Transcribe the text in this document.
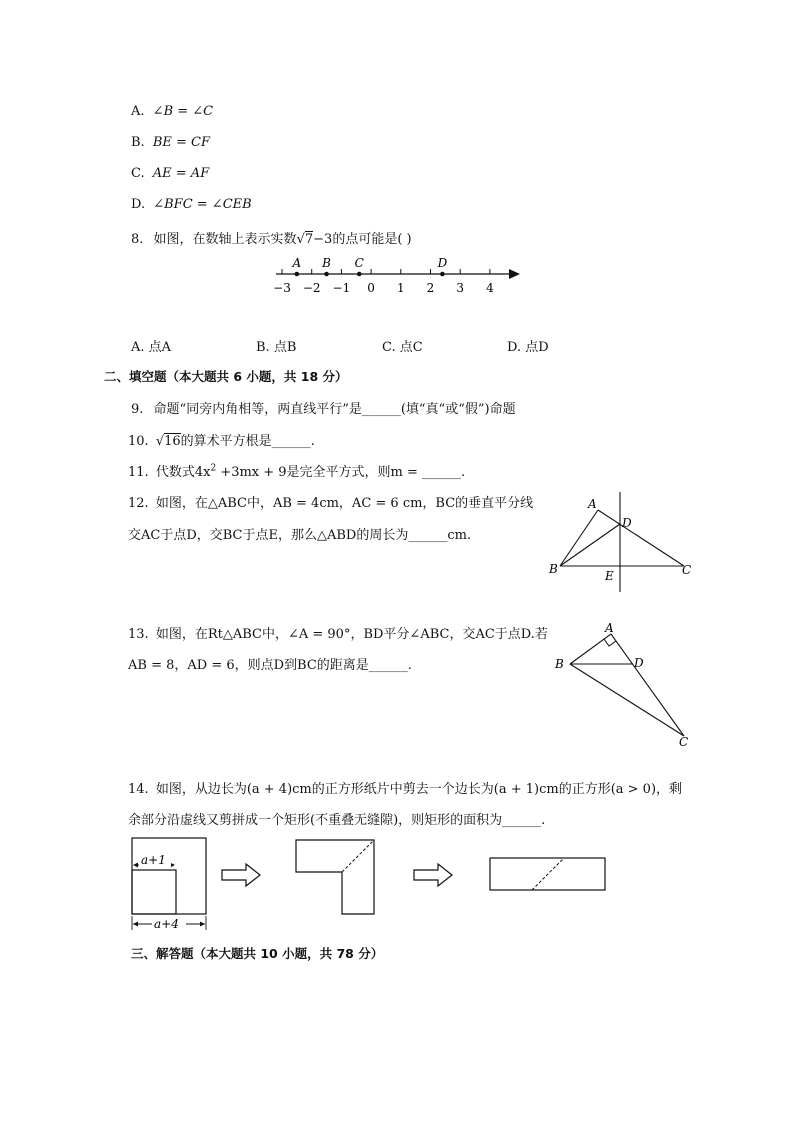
A. ∠B = ∠C
B. BE = CF
C. AE = AF
D. ∠BFC = ∠CEB
8. 如图，在数轴上表示实数√7−3的点可能是( )
−3 −2 −1 0 1 2 3 4
A B C	D
A. 点A	B. 点B	C. 点C	D. 点D
二、填空题（本大题共 6 小题，共 18 分）
9. 命题“同旁内角相等，两直线平行”是______(填“真“或“假”)命题
10. √16的算术平方根是______.
11. 代数式$4x^2 +3mx + 9$是完全平方式，则m = ______.
12. 如图，在△ABC中，AB = 4cm，AC = 6 cm，BC的垂直平分线
交AC于点D，交BC于点E，那么△ABD的周长为______cm.
A
B	C
D
E
13. 如图，在Rt△ABC中，∠A = 90°，BD平分∠ABC，交AC于点D.若
AB = 8，AD = 6，则点D到BC的距离是______.
A
B
C
D
14. 如图，从边长为(a + 4)cm的正方形纸片中剪去一个边长为(a + 1)cm的正方形(a > 0)，剩
余部分沿虚线又剪拼成一个矩形(不重叠无缝隙)，则矩形的面积为______.
a+1
a+4
三、解答题（本大题共 10 小题，共 78 分）
